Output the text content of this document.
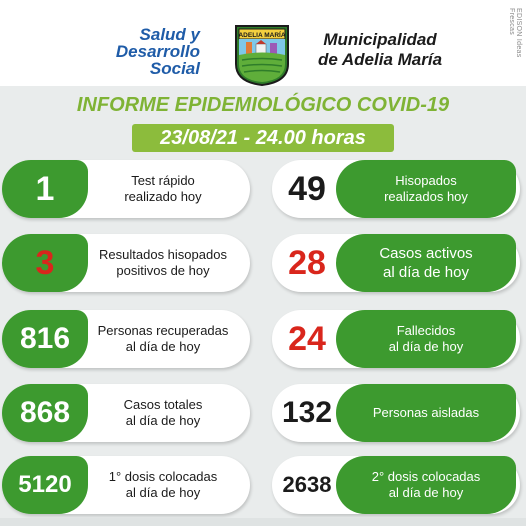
Salud y
Desarrollo
Social
ADELIA MARÍA	Municipalidad
de Adelia María
EDISON Ideas Frescas
INFORME EPIDEMIOLÓGICO COVID-19
23/08/21 - 24.00 horas
1	Test rápido
realizado hoy	49	Hisopados
realizados hoy
3	Resultados hisopados
positivos de hoy	28	Casos activos
al día de hoy
816	Personas recuperadas
al día de hoy	24	Fallecidos
al día de hoy
868	Casos totales
al día de hoy	132	Personas aisladas
5120	1° dosis colocadas
al día de hoy	2638	2° dosis colocadas
al día de hoy
